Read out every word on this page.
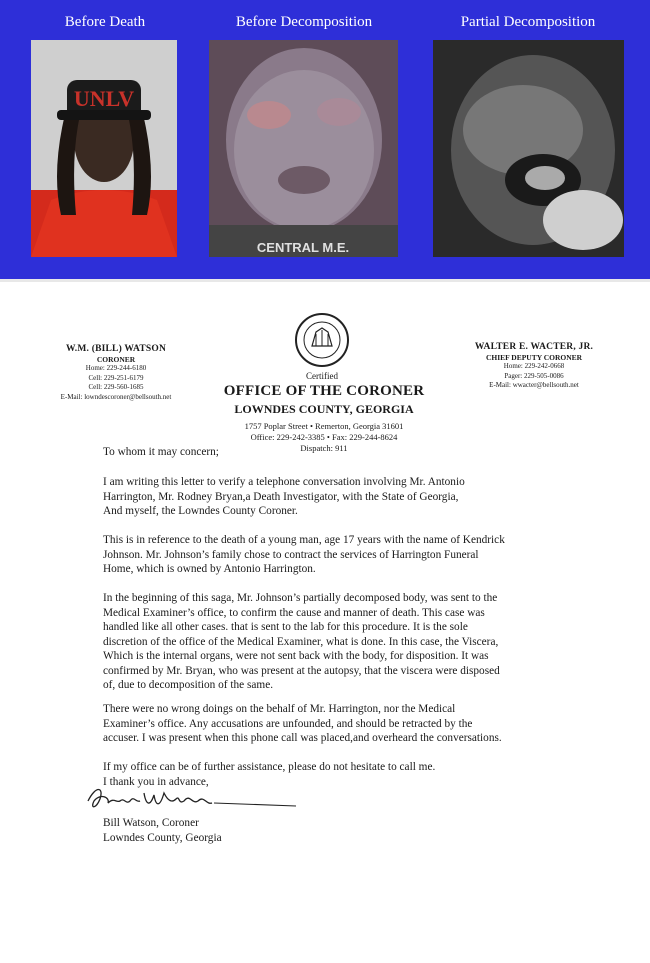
Before Death	Before Decomposition	Partial Decomposition
UNLV
CENTRAL M.E.
Certified
W.M. (BILL) WATSON
CORONER
Home: 229-244-6180
Cell: 229-251-6179
Cell: 229-560-1685
E-Mail: lowndescoroner@bellsouth.net
WALTER E. WACTER, JR.
CHIEF DEPUTY CORONER
Home: 229-242-0668
Pager: 229-505-0086
E-Mail: wwacter@bellsouth.net
OFFICE OF THE CORONER
LOWNDES COUNTY, GEORGIA
1757 Poplar Street • Remerton, Georgia 31601
Office: 229-242-3385 • Fax: 229-244-8624
Dispatch: 911
To whom it may concern;
I am writing this letter to verify a telephone conversation involving Mr. Antonio
Harrington, Mr. Rodney Bryan,a Death Investigator, with the State of Georgia,
And myself, the Lowndes County Coroner.
This is in reference to the death of a young man, age 17 years with the name of Kendrick
Johnson. Mr. Johnson’s family chose to contract the services of Harrington Funeral
Home, which is owned by Antonio Harrington.
In the beginning of this saga, Mr. Johnson’s partially decomposed body, was sent to the
Medical Examiner’s office, to confirm the cause and manner of death. This case was
handled like all other cases. that is sent to the lab for this procedure. It is the sole
discretion of the office of the Medical Examiner, what is done. In this case, the Viscera,
Which is the internal organs, were not sent back with the body, for disposition. It was
confirmed by Mr. Bryan, who was present at the autopsy, that the viscera were disposed
of, due to decomposition of the same.
There were no wrong doings on the behalf of Mr. Harrington, nor the Medical
Examiner’s office. Any accusations are unfounded, and should be retracted by the
accuser. I was present when this phone call was placed,and overheard the conversations.
If my office can be of further assistance, please do not hesitate to call me.
I thank you in advance,
Bill Watson, Coroner
Lowndes County, Georgia
